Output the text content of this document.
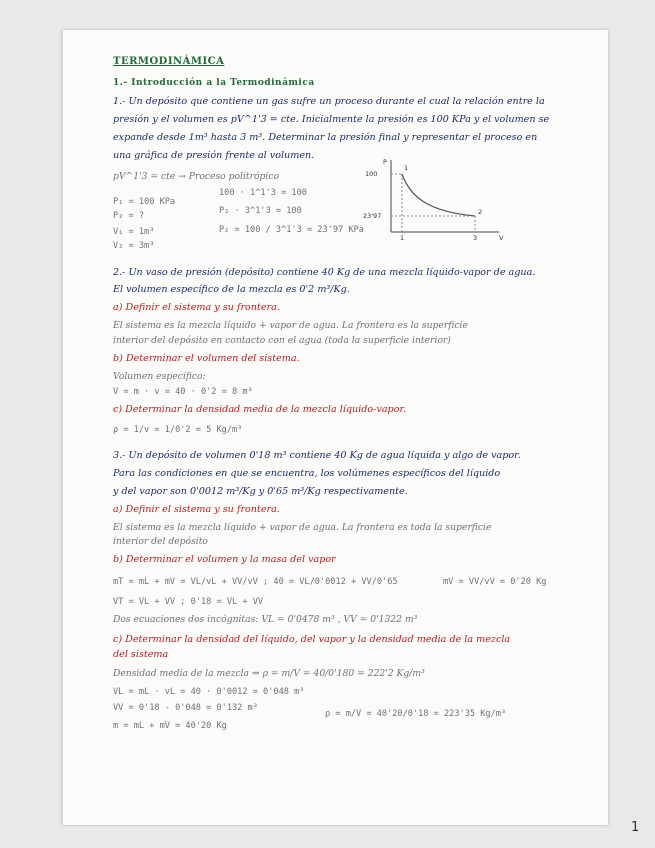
TERMODINÁMICA
1.- Introducción a la Termodinámica
1.- Un depósito que contiene un gas sufre un proceso durante el cual la relación entre la
presión y el volumen es pV^1'3 = cte. Inicialmente la presión es 100 KPa y el volumen se
expande desde 1m³ hasta 3 m³. Determinar la presión final y representar el proceso en
una gráfica de presión frente al volumen.
pV^1'3 = cte → Proceso politrópico
P₁ = 100 KPa
P₂ = ?
V₁ = 1m³
V₂ = 3m³
100 · 1^1'3 = 100
P₂ · 3^1'3 = 100
P₂ = 100 / 3^1'3 = 23'97 KPa
P
V
100
23'97
1	3
1
2
2.- Un vaso de presión (depósito) contiene 40 Kg de una mezcla líquido-vapor de agua.
El volumen específico de la mezcla es 0'2 m³/Kg.
a) Definir el sistema y su frontera.
El sistema es la mezcla líquido + vapor de agua. La frontera es la superficie
interior del depósito en contacto con el agua (toda la superficie interior)
b) Determinar el volumen del sistema.
Volumen específico:
V = m · v = 40 · 0'2 = 8 m³
c) Determinar la densidad media de la mezcla líquido-vapor.
ρ = 1/v = 1/0'2 = 5 Kg/m³
3.- Un depósito de volumen 0'18 m³ contiene 40 Kg de agua líquida y algo de vapor.
Para las condiciones en que se encuentra, los volúmenes específicos del líquido
y del vapor son 0'0012 m³/Kg y 0'65 m³/Kg respectivamente.
a) Definir el sistema y su frontera.
El sistema es la mezcla líquido + vapor de agua. La frontera es toda la superficie
interior del depósito
b) Determinar el volumen y la masa del vapor
mT = mL + mV = VL/vL + VV/vV ; 40 = VL/0'0012 + VV/0'65	mV = VV/vV = 0'20 Kg
VT = VL + VV ; 0'18 = VL + VV
Dos ecuaciones dos incógnitas: VL = 0'0478 m³ , VV = 0'1322 m³
c) Determinar la densidad del líquido, del vapor y la densidad media de la mezcla
del sistema
Densidad media de la mezcla ⇒ ρ = m/V = 40/0'180 = 222'2 Kg/m³
VL = mL · vL = 40 · 0'0012 = 0'048 m³
VV = 0'18 - 0'048 = 0'132 m³
m = mL + mV = 40'20 Kg
ρ = m/V = 40'20/0'18 = 223'35 Kg/m³
1
